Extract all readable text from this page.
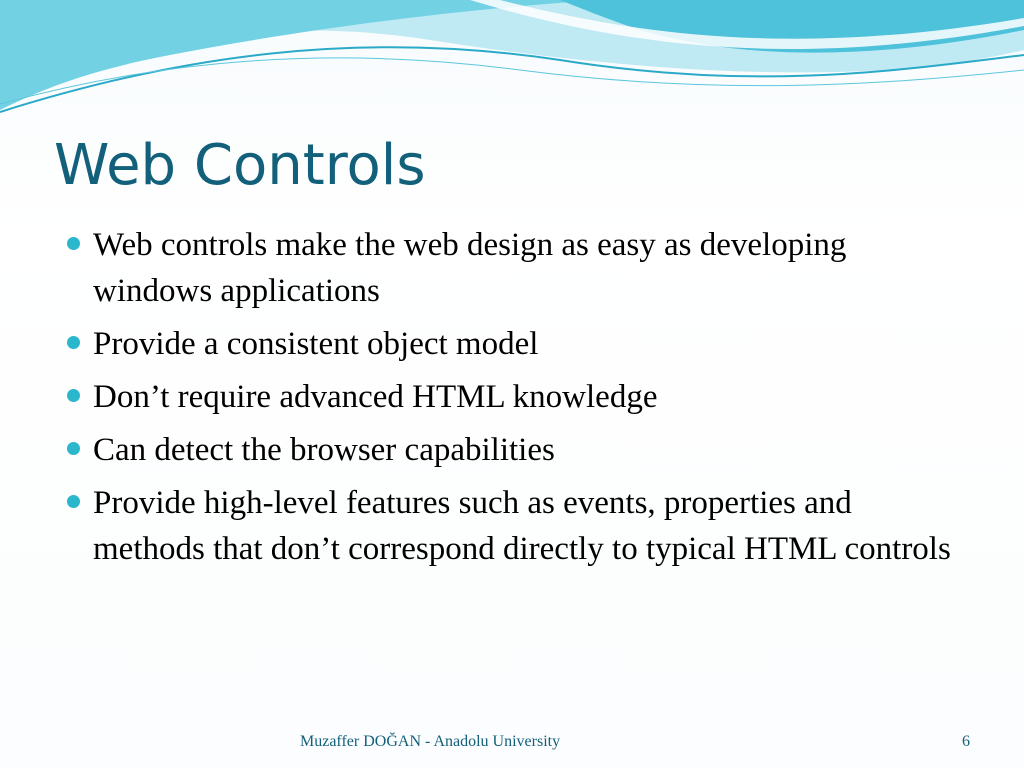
Web Controls
Web controls make the web design as easy as developing windows applications
Provide a consistent object model
Don’t require advanced HTML knowledge
Can detect the browser capabilities
Provide high-level features such as events, properties and methods that don’t correspond directly to typical HTML controls
Muzaffer DOĞAN - Anadolu University	6
